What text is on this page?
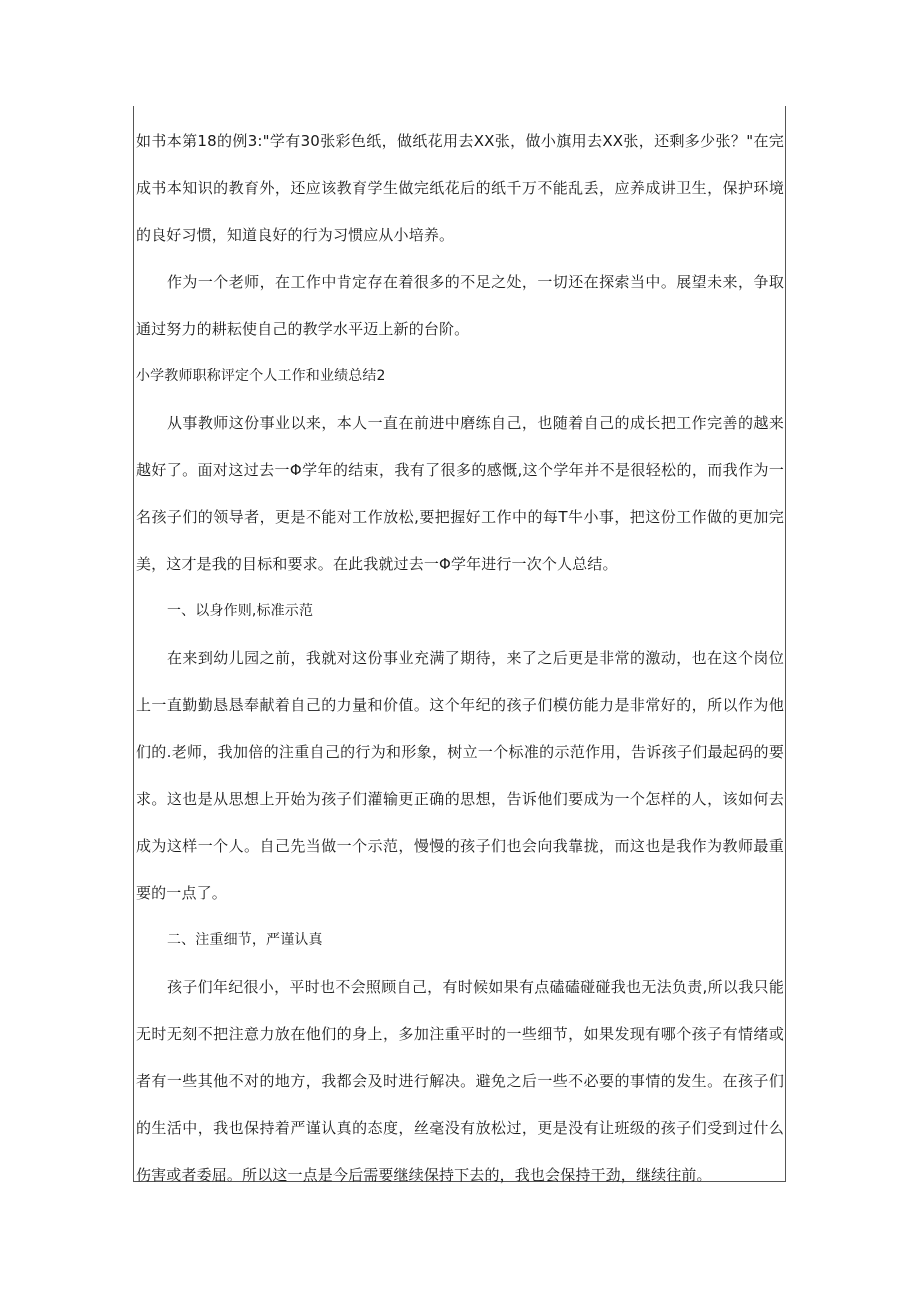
如书本第18的例3:"学有30张彩色纸，做纸花用去XX张，做小旗用去XX张，还剩多少张？"在完成书本知识的教育外，还应该教育学生做完纸花后的纸千万不能乱丢，应养成讲卫生，保护环境的良好习惯，知道良好的行为习惯应从小培养。

作为一个老师，在工作中肯定存在着很多的不足之处，一切还在探索当中。展望未来，争取通过努力的耕耘使自己的教学水平迈上新的台阶。

小学教师职称评定个人工作和业绩总结2

从事教师这份事业以来，本人一直在前进中磨练自己，也随着自己的成长把工作完善的越来越好了。面对这过去一Φ学年的结束，我有了很多的感慨,这个学年并不是很轻松的，而我作为一名孩子们的领导者，更是不能对工作放松,要把握好工作中的每T牛小事，把这份工作做的更加完美，这才是我的目标和要求。在此我就过去一Φ学年进行一次个人总结。

一、以身作则,标准示范

在来到幼儿园之前，我就对这份事业充满了期待，来了之后更是非常的激动，也在这个岗位上一直勤勤恳恳奉献着自己的力量和价值。这个年纪的孩子们模仿能力是非常好的，所以作为他们的.老师，我加倍的注重自己的行为和形象，树立一个标准的示范作用，告诉孩子们最起码的要求。这也是从思想上开始为孩子们灌输更正确的思想，告诉他们要成为一个怎样的人，该如何去成为这样一个人。自己先当做一个示范，慢慢的孩子们也会向我靠拢，而这也是我作为教师最重要的一点了。

二、注重细节，严谨认真

孩子们年纪很小，平时也不会照顾自己，有时候如果有点磕磕碰碰我也无法负责,所以我只能无时无刻不把注意力放在他们的身上，多加注重平时的一些细节，如果发现有哪个孩子有情绪或者有一些其他不对的地方，我都会及时进行解决。避免之后一些不必要的事情的发生。在孩子们的生活中，我也保持着严谨认真的态度，丝毫没有放松过，更是没有让班级的孩子们受到过什么伤害或者委屈。所以这一点是今后需要继续保持下去的，我也会保持干劲，继续往前。
